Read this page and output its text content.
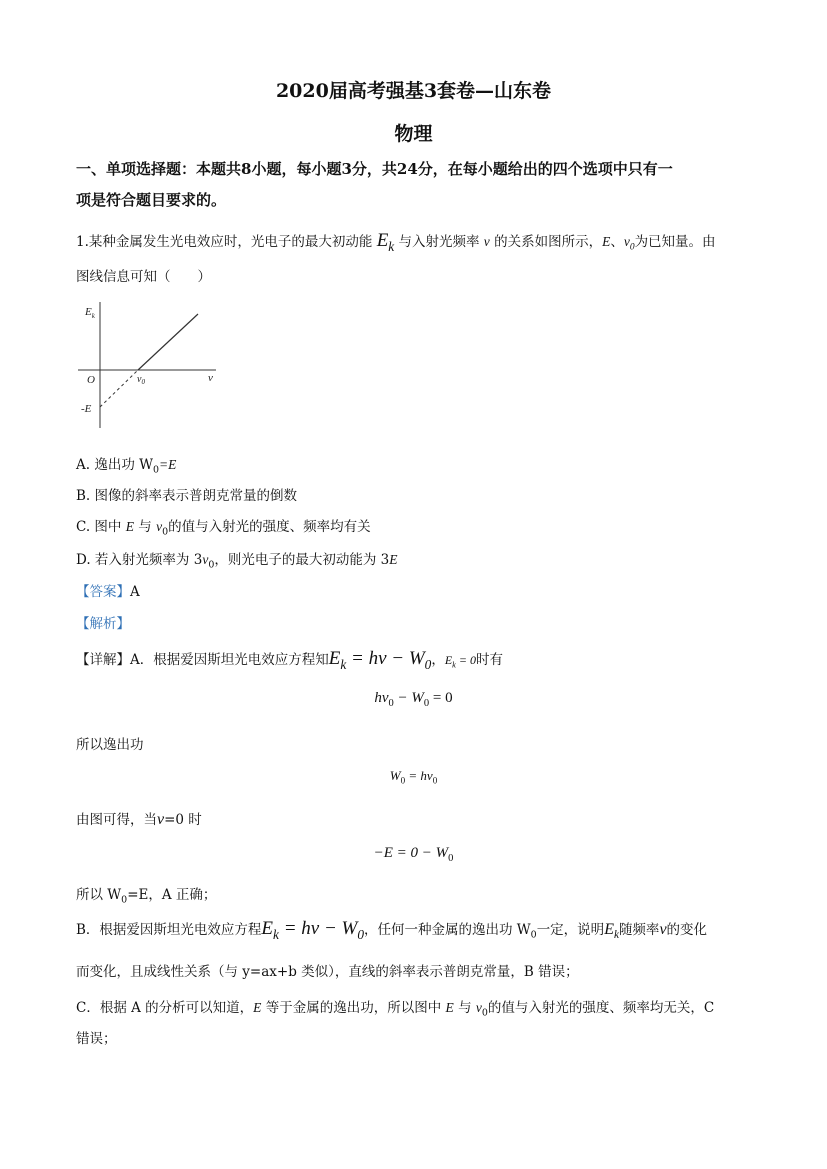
2020届高考强基3套卷—山东卷
物理
一、单项选择题：本题共8小题，每小题3分，共24分，在每小题给出的四个选项中只有一
项是符合题目要求的。
1.某种金属发生光电效应时，光电子的最大初动能 $E_k$ 与入射光频率 v 的关系如图所示，E、$v_0$为已知量。由
图线信息可知（　　）
$E_k$
v
O	$v_0$
-E
A. 逸出功 $W_0=E$
B. 图像的斜率表示普朗克常量的倒数
C. 图中 E 与 $v_0$的值与入射光的强度、频率均有关
D. 若入射光频率为 $3v_0$，则光电子的最大初动能为 3E
【答案】A
【解析】
【详解】A．根据爱因斯坦光电效应方程知$E_k = h\nu - W_0$，$E_k = 0$时有
$h\nu_0 - W_0 = 0$
所以逸出功
$W_0 = h\nu_0$
由图可得，当ν=0 时
$-E = 0 - W_0$
所以 $W_0=E$，A 正确；
B．根据爱因斯坦光电效应方程$E_k = h\nu - W_0$，任何一种金属的逸出功 $W_0$一定，说明$E_k$随频率ν的变化
而变化，且成线性关系（与 y=ax+b 类似），直线的斜率表示普朗克常量，B 错误；
C．根据 A 的分析可以知道，E 等于金属的逸出功，所以图中 E 与 $v_0$的值与入射光的强度、频率均无关，C
错误；
